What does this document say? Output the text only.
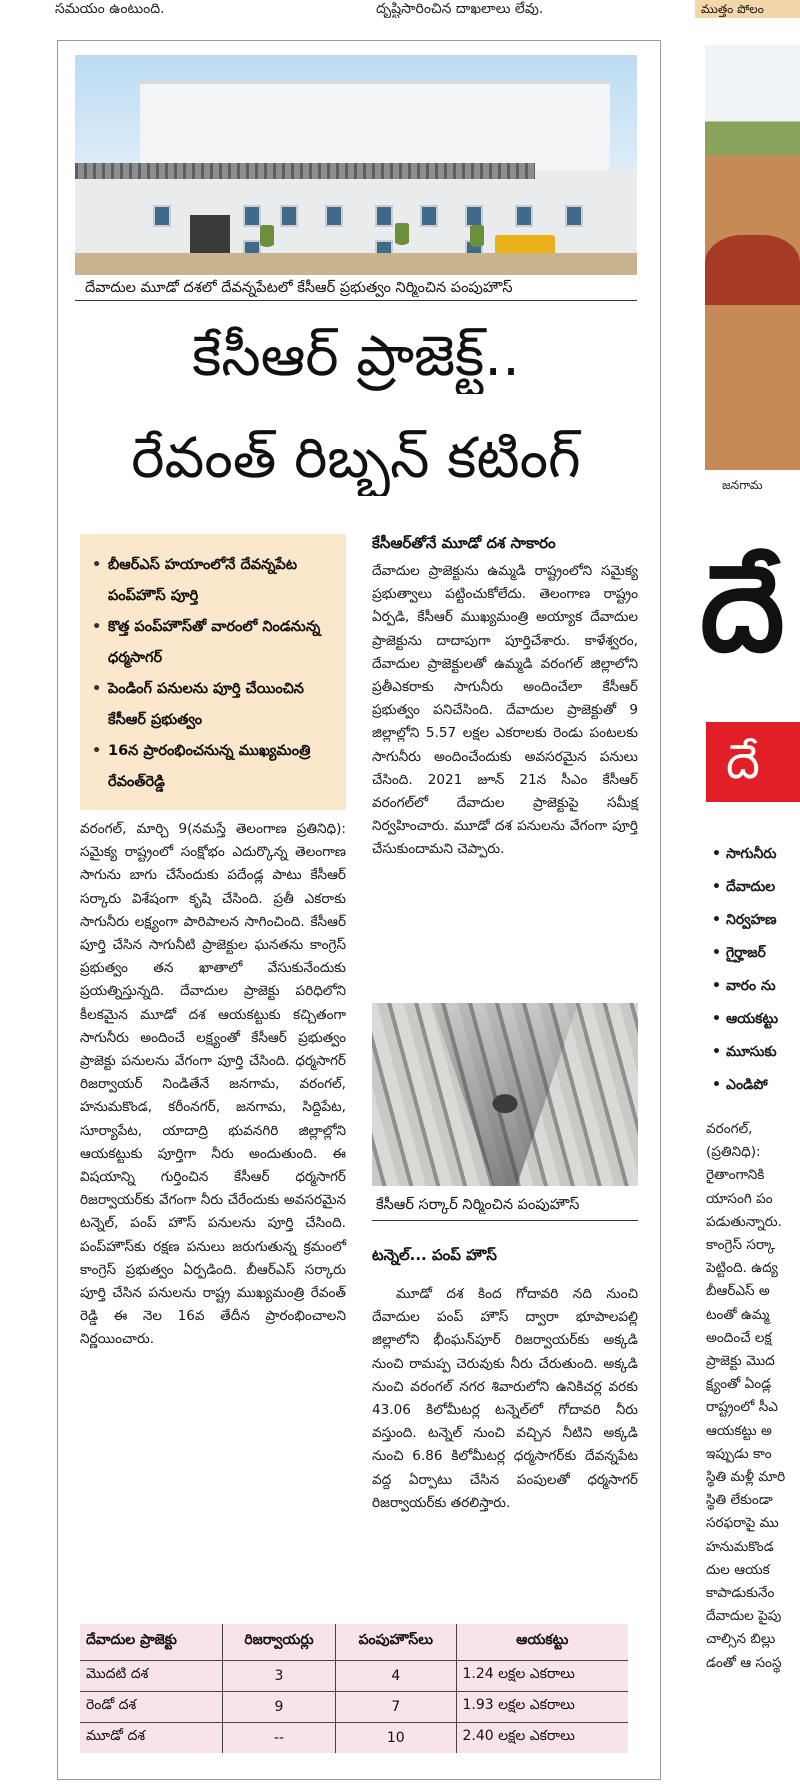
సమయం ఉంటుంది.	దృష్టిసారించిన దాఖలాలు లేవు.	ముత్తం పోలం
దేవాదుల మూడో దశలో దేవన్నపేటలో కేసీఆర్ ప్రభుత్వం నిర్మించిన పంపుహౌస్
కేసీఆర్ ప్రాజెక్ట్..
రేవంత్ రిబ్బన్ కటింగ్
• బీఆర్ఎస్ హయాంలోనే దేవన్నపేట పంప్‌హౌస్ పూర్తి
• కొత్త పంప్‌హౌస్‌తో వారంలో నిండనున్న ధర్మసాగర్
• పెండింగ్ పనులను పూర్తి చేయించిన కేసీఆర్ ప్రభుత్వం
• 16న ప్రారంభించనున్న ముఖ్యమంత్రి రేవంత్‌రెడ్డి
వరంగల్, మార్చి 9(నమస్తే తెలంగాణ ప్రతినిధి): సమైక్య రాష్ట్రంలో సంక్షోభం ఎదుర్కొన్న తెలంగాణ సాగును బాగు చేసేందుకు పదేండ్ల పాటు కేసీఆర్ సర్కారు విశేషంగా కృషి చేసింది. ప్రతీ ఎకరాకు సాగునీరు లక్ష్యంగా పారిపాలన సాగించింది. కేసీఆర్ పూర్తి చేసిన సాగునీటి ప్రాజెక్టుల ఘనతను కాంగ్రెస్ ప్రభుత్వం తన ఖాతాలో వేసుకునేందుకు ప్రయత్నిస్తున్నది. దేవాదుల ప్రాజెక్టు పరిధిలోని కీలకమైన మూడో దశ ఆయకట్టుకు కచ్చితంగా సాగునీరు అందించే లక్ష్యంతో కేసీఆర్ ప్రభుత్వం ప్రాజెక్టు పనులను వేగంగా పూర్తి చేసింది. ధర్మసాగర్ రిజర్వాయర్ నిండితేనే జనగామ, వరంగల్, హనుమకొండ, కరీంనగర్, జనగామ, సిద్దిపేట, సూర్యాపేట, యాదాద్రి భువనగిరి జిల్లాల్లోని ఆయకట్టుకు పూర్తిగా నీరు అందుతుంది. ఈ విషయాన్ని గుర్తించిన కేసీఆర్ ధర్మసాగర్ రిజర్వాయర్‌కు వేగంగా నీరు చేరేందుకు అవసరమైన టన్నెల్, పంప్ హౌస్ పనులను పూర్తి చేసింది. పంప్‌హౌస్‌కు రక్షణ పనులు జరుగుతున్న క్రమంలో కాంగ్రెస్ ప్రభుత్వం ఏర్పడింది. బీఆర్ఎస్ సర్కారు పూర్తి చేసిన పనులను రాష్ట్ర ముఖ్యమంత్రి రేవంత్ రెడ్డి ఈ నెల 16వ తేదీన ప్రారంభించాలని నిర్ణయించారు.
కేసీఆర్‌తోనే మూడో దశ సాకారం
దేవాదుల ప్రాజెక్టును ఉమ్మడి రాష్ట్రంలోని సమైక్య ప్రభుత్వాలు పట్టించుకోలేదు. తెలంగాణ రాష్ట్రం ఏర్పడి, కేసీఆర్ ముఖ్యమంత్రి అయ్యాక దేవాదుల ప్రాజెక్టును దాదాపుగా పూర్తిచేశారు. కాళేశ్వరం, దేవాదుల ప్రాజెక్టులతో ఉమ్మడి వరంగల్ జిల్లాలోని ప్రతీఎకరాకు సాగునీరు అందించేలా కేసీఆర్ ప్రభుత్వం పనిచేసింది. దేవాదుల ప్రాజెక్టుతో 9 జిల్లాల్లోని 5.57 లక్షల ఎకరాలకు రెండు పంటలకు సాగునీరు అందించేందుకు అవసరమైన పనులు చేసింది. 2021 జూన్ 21న సీఎం కేసీఆర్ వరంగల్‌లో దేవాదుల ప్రాజెక్టుపై సమీక్ష నిర్వహించారు. మూడో దశ పనులను వేగంగా పూర్తి చేసుకుందామని చెప్పారు.
కేసీఆర్ సర్కార్ నిర్మించిన పంపుహౌస్
టన్నెల్... పంప్ హౌస్
మూడో దశ కింద గోదావరి నది నుంచి దేవాదుల పంప్ హౌస్ ద్వారా భూపాలపల్లి జిల్లాలోని భీంఘన్‌పూర్ రిజర్వాయర్‌కు అక్కడి నుంచి రామప్ప చెరువుకు నీరు చేరుతుంది. అక్కడి నుంచి వరంగల్ నగర శివారులోని ఉనికిచర్ల వరకు 43.06 కిలోమీటర్ల టన్నెల్‌లో గోదావరి నీరు వస్తుంది. టన్నెల్ నుంచి వచ్చిన నీటిని అక్కడి నుంచి 6.86 కిలోమీటర్ల ధర్మసాగర్‌కు దేవన్నపేట వద్ద ఏర్పాటు చేసిన పంపులతో ధర్మసాగర్ రిజర్వాయర్‌కు తరలిస్తారు.
దేవాదుల ప్రాజెక్టు	రిజర్వాయర్లు	పంపుహౌస్‌లు	ఆయకట్టు
మొదటి దశ	3	4	1.24 లక్షల ఎకరాలు
రెండో దశ	9	7	1.93 లక్షల ఎకరాలు
మూడో దశ	--	10	2.40 లక్షల ఎకరాలు
జనగామ
దే
దే
• సాగునీరు
• దేవాదుల
• నిర్వహణ
• గైర్హాజర్
• వారం ను
• ఆయకట్టు
• మూసుకు
• ఎండిపో
వరంగల్,
(ప్రతినిధి):
రైతాంగానికి
యాసంగి పం
పడుతున్నారు.
కాంగ్రెస్ సర్కా
పెట్టింది. ఉద్య
బీఆర్ఎస్ అ
టంతో ఉమ్మ
అందించే లక్ష
ప్రాజెక్టు మొద
క్ష్యంతో ఏండ్ల
రాష్ట్రంలో సీఎ
ఆయకట్టు అ
ఇప్పుడు కాం
స్థితి మళ్లీ మారి
స్థితి లేకుండా
సరఫరాపై ము
హనుమకొండ
దుల ఆయక
కాపాడుకునేం
దేవాదుల పైపు
చాల్సిన బిల్లు
డంతో ఆ సంస్థ
